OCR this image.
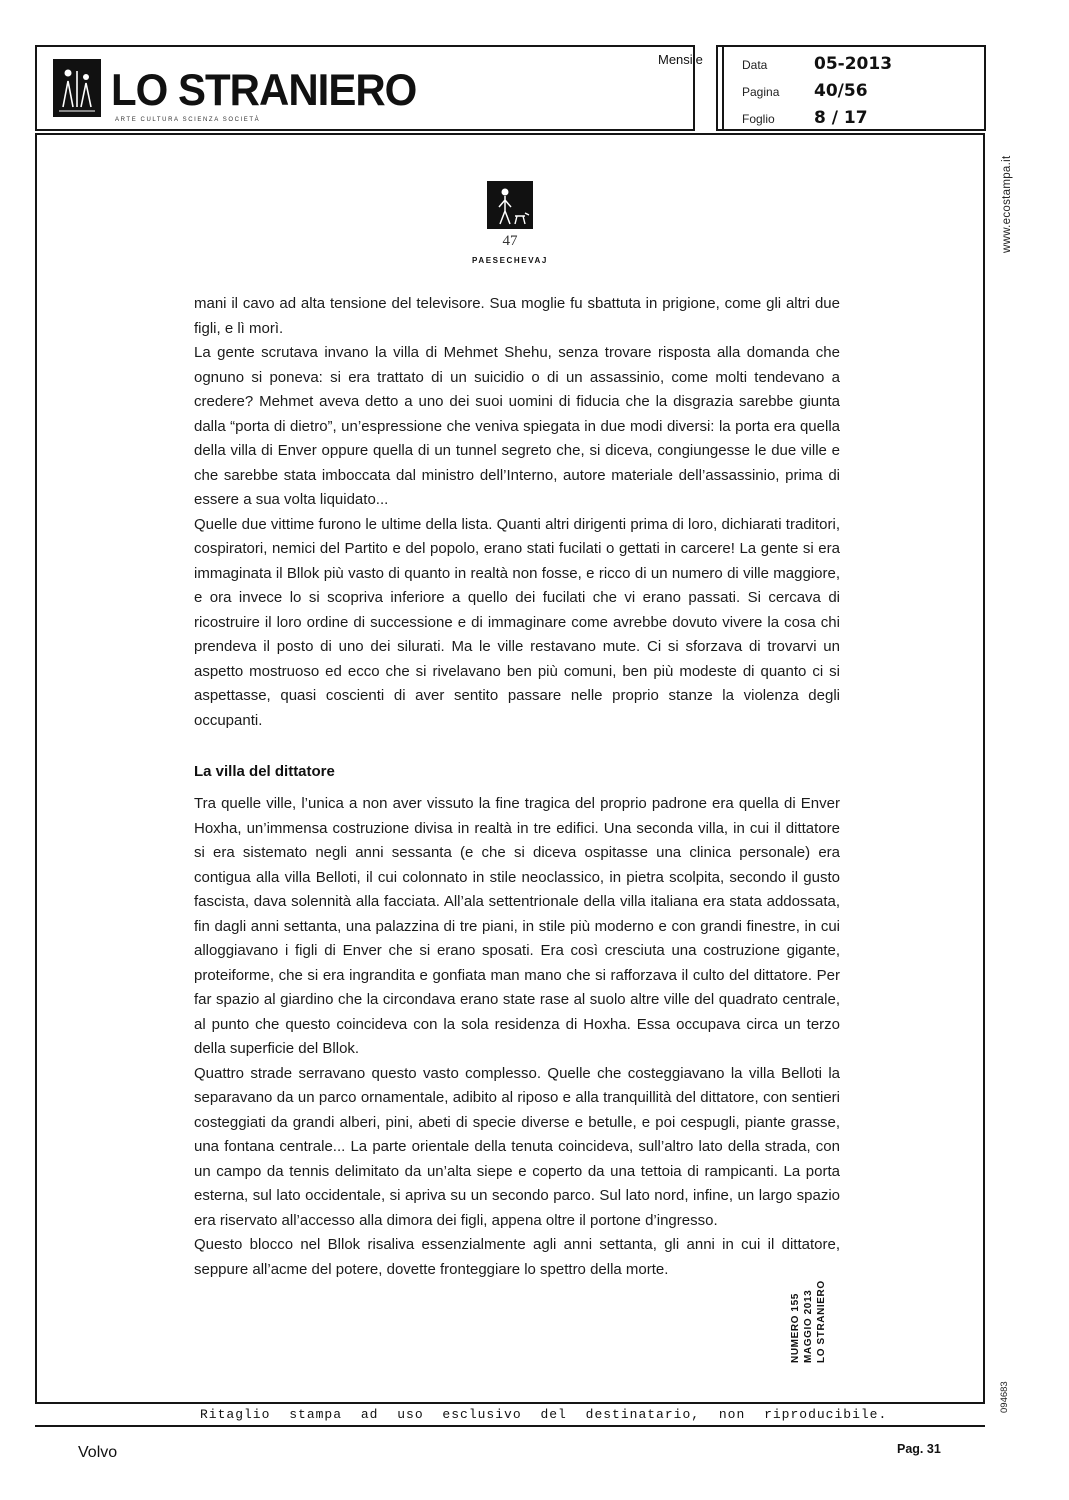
LO STRANIERO
ARTE CULTURA SCIENZA SOCIETÀ
Mensile	Data	05-2013
Pagina	40/56
Foglio	8 / 17
www.ecostampa.it
47
PAESECHEVAJ

mani il cavo ad alta tensione del televisore. Sua moglie fu sbattuta in prigione, come gli altri due figli, e lì morì.

La gente scrutava invano la villa di Mehmet Shehu, senza trovare risposta alla domanda che ognuno si poneva: si era trattato di un suicidio o di un assassinio, come molti tendevano a credere? Mehmet aveva detto a uno dei suoi uomini di fiducia che la disgrazia sarebbe giunta dalla “porta di dietro”, un’espressione che veniva spiegata in due modi diversi: la porta era quella della villa di Enver oppure quella di un tunnel segreto che, si diceva, congiungesse le due ville e che sarebbe stata imboccata dal ministro dell’Interno, autore materiale dell’assassinio, prima di essere a sua volta liquidato...

Quelle due vittime furono le ultime della lista. Quanti altri dirigenti prima di loro, dichiarati traditori, cospiratori, nemici del Partito e del popolo, erano stati fucilati o gettati in carcere! La gente si era immaginata il Bllok più vasto di quanto in realtà non fosse, e ricco di un numero di ville maggiore, e ora invece lo si scopriva inferiore a quello dei fucilati che vi erano passati. Si cercava di ricostruire il loro ordine di successione e di immaginare come avrebbe dovuto vivere la cosa chi prendeva il posto di uno dei silurati. Ma le ville restavano mute. Ci si sforzava di trovarvi un aspetto mostruoso ed ecco che si rivelavano ben più comuni, ben più modeste di quanto ci si aspettasse, quasi coscienti di aver sentito passare nelle proprio stanze la violenza degli occupanti.

La villa del dittatore

Tra quelle ville, l’unica a non aver vissuto la fine tragica del proprio padrone era quella di Enver Hoxha, un’immensa costruzione divisa in realtà in tre edifici. Una seconda villa, in cui il dittatore si era sistemato negli anni sessanta (e che si diceva ospitasse una clinica personale) era contigua alla villa Belloti, il cui colonnato in stile neoclassico, in pietra scolpita, secondo il gusto fascista, dava solennità alla facciata. All’ala settentrionale della villa italiana era stata addossata, fin dagli anni settanta, una palazzina di tre piani, in stile più moderno e con grandi finestre, in cui alloggiavano i figli di Enver che si erano sposati. Era così cresciuta una costruzione gigante, proteiforme, che si era ingrandita e gonfiata man mano che si rafforzava il culto del dittatore. Per far spazio al giardino che la circondava erano state rase al suolo altre ville del quadrato centrale, al punto che questo coincideva con la sola residenza di Hoxha. Essa occupava circa un terzo della superficie del Bllok.

Quattro strade serravano questo vasto complesso. Quelle che costeggiavano la villa Belloti la separavano da un parco ornamentale, adibito al riposo e alla tranquillità del dittatore, con sentieri costeggiati da grandi alberi, pini, abeti di specie diverse e betulle, e poi cespugli, piante grasse, una fontana centrale... La parte orientale della tenuta coincideva, sull’altro lato della strada, con un campo da tennis delimitato da un’alta siepe e coperto da una tettoia di rampicanti. La porta esterna, sul lato occidentale, si apriva su un secondo parco. Sul lato nord, infine, un largo spazio era riservato all’accesso alla dimora dei figli, appena oltre il portone d’ingresso.

Questo blocco nel Bllok risaliva essenzialmente agli anni settanta, gli anni in cui il dittatore, seppure all’acme del potere, dovette fronteggiare lo spettro della morte.

NUMERO 155 MAGGIO 2013 LO STRANIERO
Ritaglio stampa ad uso esclusivo del destinatario, non riproducibile.
094683
Volvo	Pag. 31
